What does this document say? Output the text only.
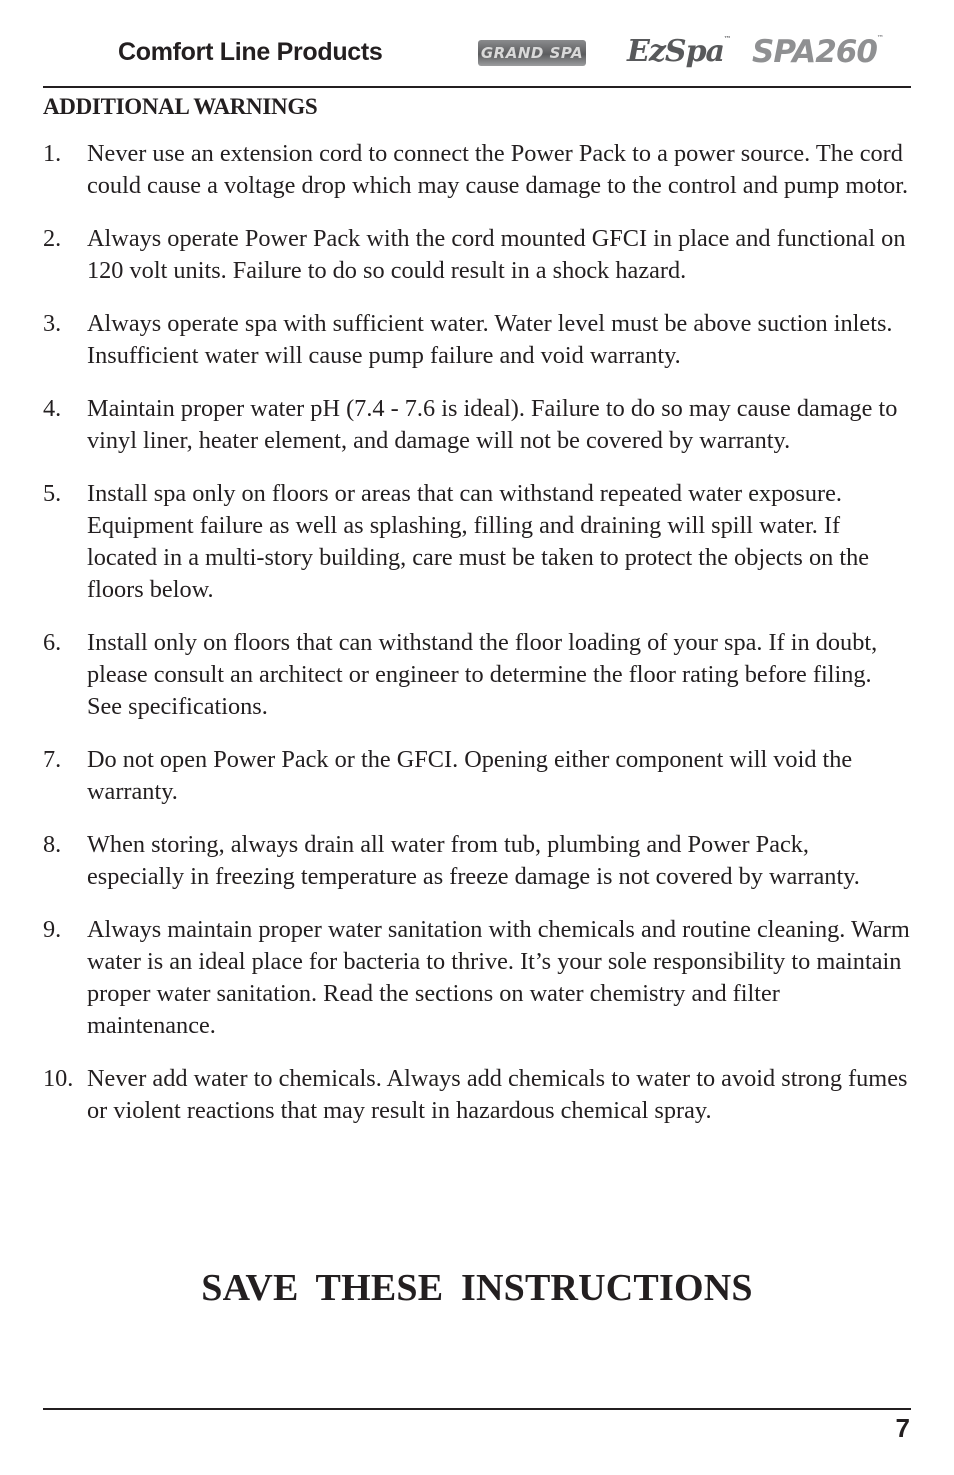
Comfort Line Products	GRAND SPA EzSpa™ SPA260™
ADDITIONAL WARNINGS
1. Never use an extension cord to connect the Power Pack to a power source. The cord could cause a voltage drop which may cause damage to the control and pump motor.
2. Always operate Power Pack with the cord mounted GFCI in place and functional on 120 volt units. Failure to do so could result in a shock hazard.
3. Always operate spa with sufficient water. Water level must be above suction inlets. Insufficient water will cause pump failure and void warranty.
4. Maintain proper water pH (7.4 - 7.6 is ideal). Failure to do so may cause damage to vinyl liner, heater element, and damage will not be covered by warranty.
5. Install spa only on floors or areas that can withstand repeated water exposure. Equipment failure as well as splashing, filling and draining will spill water. If located in a multi-story building, care must be taken to protect the objects on the floors below.
6. Install only on floors that can withstand the floor loading of your spa. If in doubt, please consult an architect or engineer to determine the floor rating before filing. See specifications.
7. Do not open Power Pack or the GFCI. Opening either component will void the warranty.
8. When storing, always drain all water from tub, plumbing and Power Pack, especially in freezing temperature as freeze damage is not covered by warranty.
9. Always maintain proper water sanitation with chemicals and routine cleaning. Warm water is an ideal place for bacteria to thrive. It’s your sole responsibility to maintain proper water sanitation. Read the sections on water chemistry and filter maintenance.
10. Never add water to chemicals. Always add chemicals to water to avoid strong fumes or violent reactions that may result in hazardous chemical spray.
SAVE THESE INSTRUCTIONS
7
